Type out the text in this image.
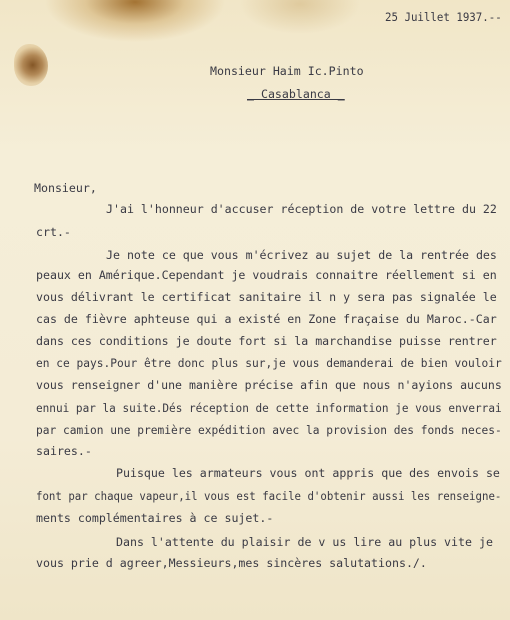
25 Juillet 1937.--
Monsieur Haim Ic.Pinto
_ Casablanca _
Monsieur,
J'ai l'honneur d'accuser réception de votre lettre du 22
crt.-
Je note ce que vous m'écrivez au sujet de la rentrée des
peaux en Amérique.Cependant je voudrais connaitre réellement si en
vous délivrant le certificat sanitaire il n y sera pas signalée le
cas de fièvre aphteuse qui a existé en Zone fraçaise du Maroc.-Car
dans ces conditions je doute fort si la marchandise puisse rentrer
en ce pays.Pour être donc plus sur,je vous demanderai de bien vouloir
vous renseigner d'une manière précise afin que nous n'ayions aucuns
ennui par la suite.Dés réception de cette information je vous enverrai
par camion une première expédition avec la provision des fonds neces-
saires.-
Puisque les armateurs vous ont appris que des envois se
font par chaque vapeur,il vous est facile d'obtenir aussi les renseigne-
ments complémentaires à ce sujet.-
Dans l'attente du plaisir de v us lire au plus vite je
vous prie d agreer,Messieurs,mes sincères salutations./.
